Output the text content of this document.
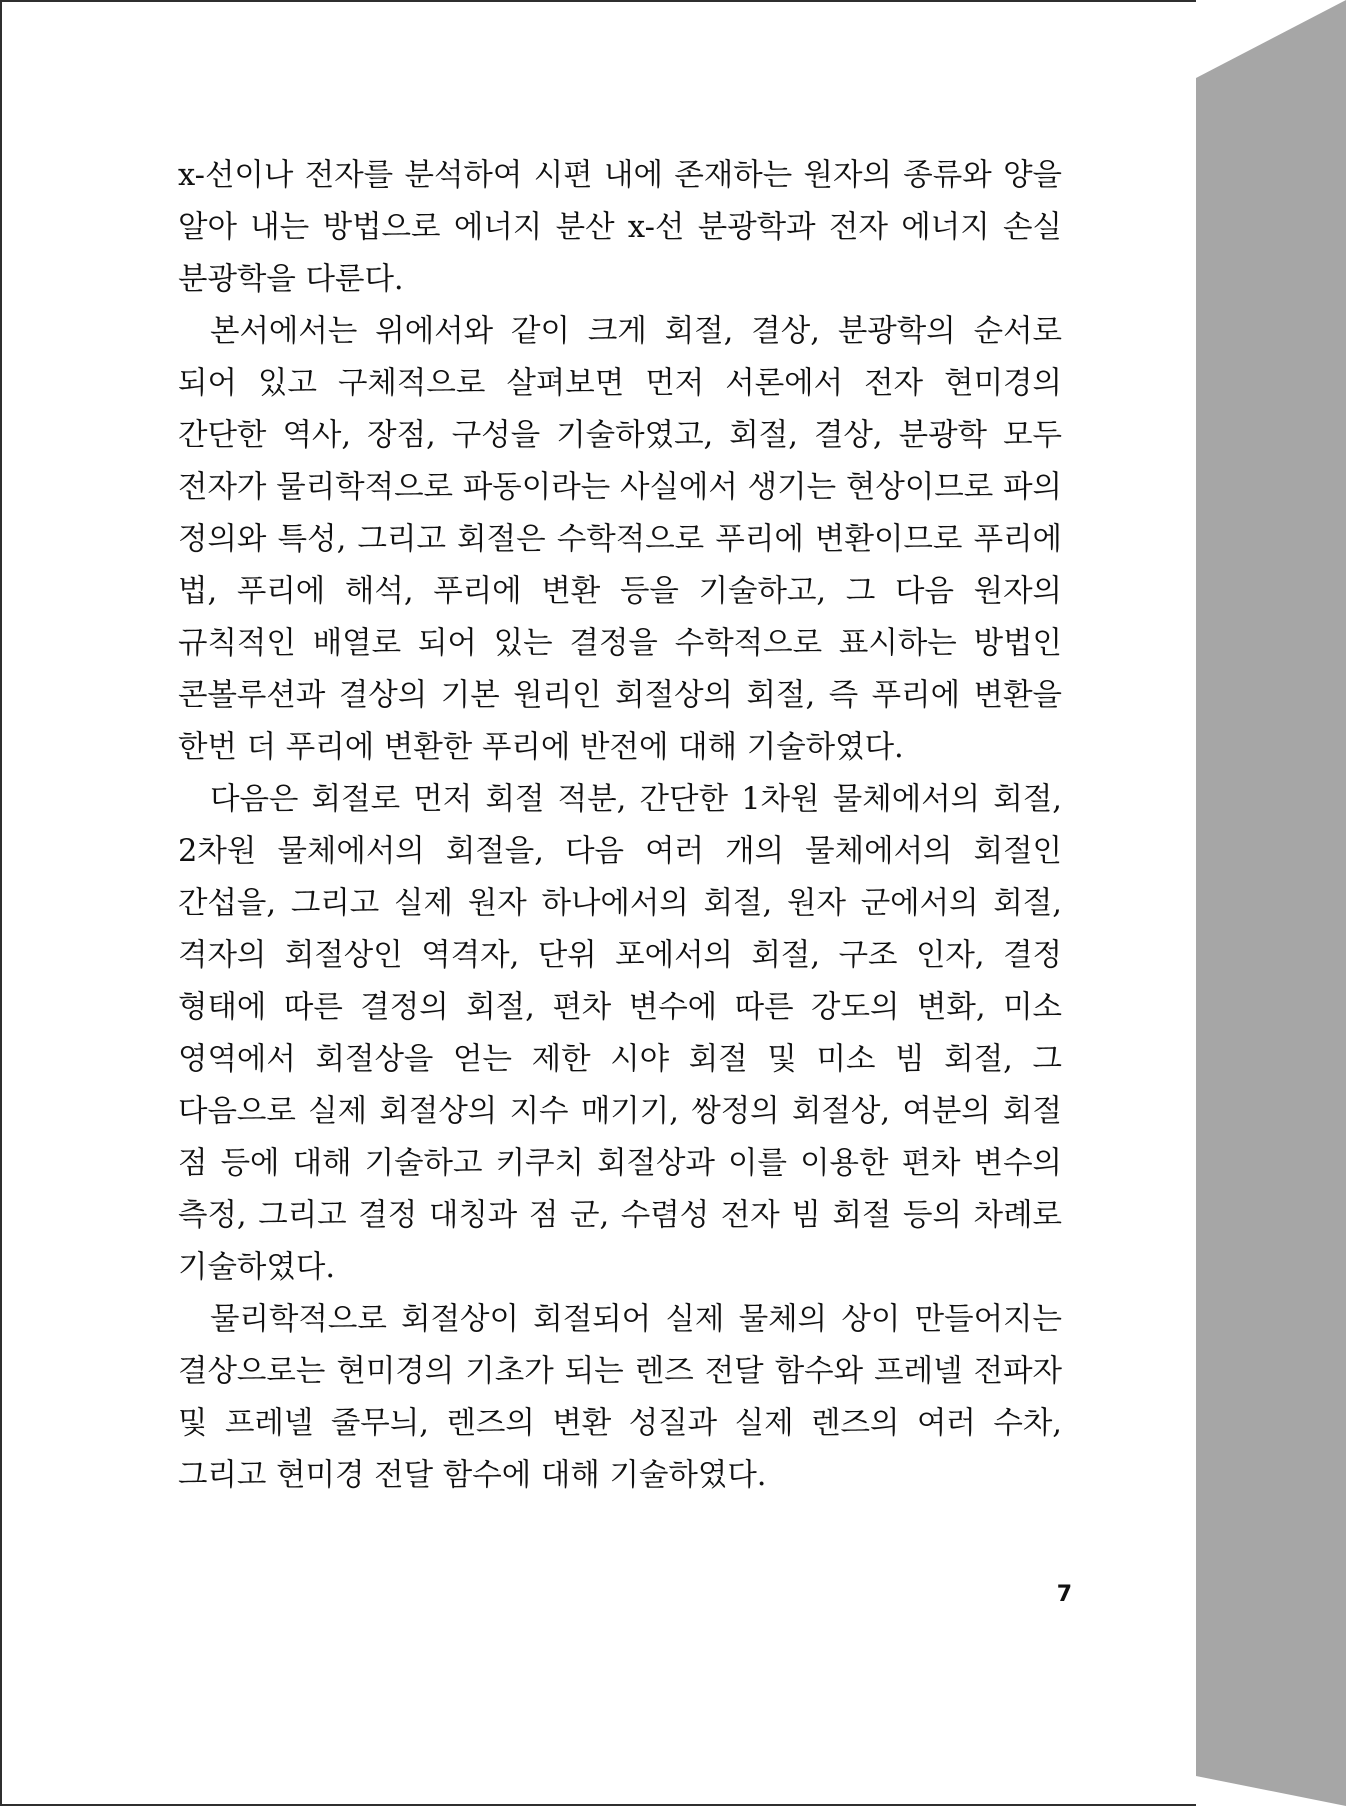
x-선이나 전자를 분석하여 시편 내에 존재하는 원자의 종류와 양을 알아 내는 방법으로 에너지 분산 x-선 분광학과 전자 에너지 손실 분광학을 다룬다.

본서에서는 위에서와 같이 크게 회절, 결상, 분광학의 순서로 되어 있고 구체적으로 살펴보면 먼저 서론에서 전자 현미경의 간단한 역사, 장점, 구성을 기술하였고, 회절, 결상, 분광학 모두 전자가 물리학적으로 파동이라는 사실에서 생기는 현상이므로 파의 정의와 특성, 그리고 회절은 수학적으로 푸리에 변환이므로 푸리에 법, 푸리에 해석, 푸리에 변환 등을 기술하고, 그 다음 원자의 규칙적인 배열로 되어 있는 결정을 수학적으로 표시하는 방법인 콘볼루션과 결상의 기본 원리인 회절상의 회절, 즉 푸리에 변환을 한번 더 푸리에 변환한 푸리에 반전에 대해 기술하였다.

다음은 회절로 먼저 회절 적분, 간단한 1차원 물체에서의 회절, 2차원 물체에서의 회절을, 다음 여러 개의 물체에서의 회절인 간섭을, 그리고 실제 원자 하나에서의 회절, 원자 군에서의 회절, 격자의 회절상인 역격자, 단위 포에서의 회절, 구조 인자, 결정 형태에 따른 결정의 회절, 편차 변수에 따른 강도의 변화, 미소 영역에서 회절상을 얻는 제한 시야 회절 및 미소 빔 회절, 그 다음으로 실제 회절상의 지수 매기기, 쌍정의 회절상, 여분의 회절 점 등에 대해 기술하고 키쿠치 회절상과 이를 이용한 편차 변수의 측정, 그리고 결정 대칭과 점 군, 수렴성 전자 빔 회절 등의 차례로 기술하였다.

물리학적으로 회절상이 회절되어 실제 물체의 상이 만들어지는 결상으로는 현미경의 기초가 되는 렌즈 전달 함수와 프레넬 전파자 및 프레넬 줄무늬, 렌즈의 변환 성질과 실제 렌즈의 여러 수차, 그리고 현미경 전달 함수에 대해 기술하였다.

7
